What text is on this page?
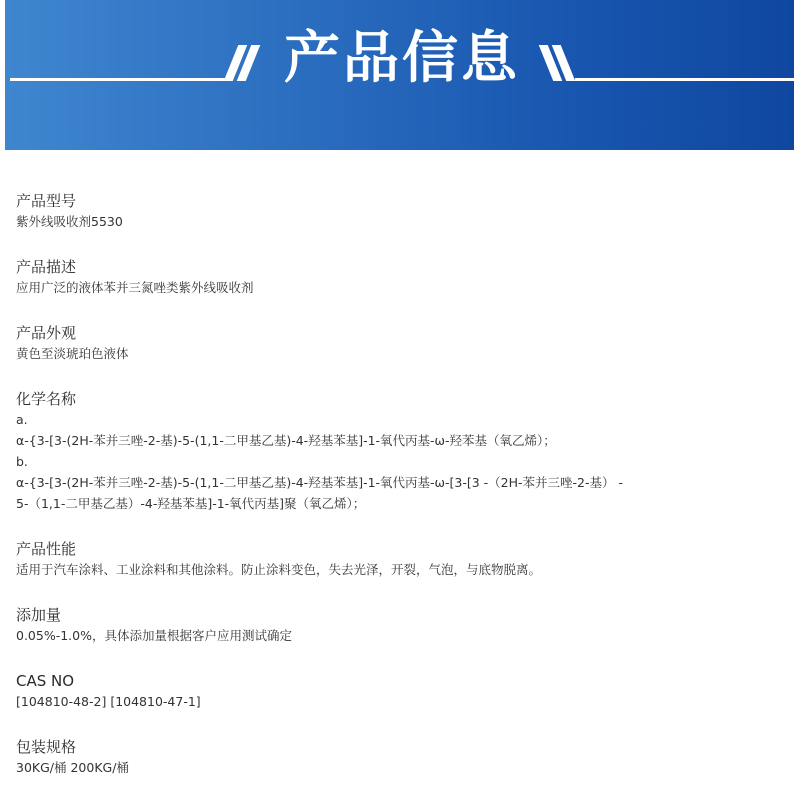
产品信息
产品型号
紫外线吸收剂5530
产品描述
应用广泛的液体苯并三氮唑类紫外线吸收剂
产品外观
黄色至淡琥珀色液体
化学名称
a.
α-{3-[3-(2H-苯并三唑-2-基)-5-(1,1-二甲基乙基)-4-羟基苯基]-1-氧代丙基-ω-羟苯基（氧乙烯）；
b.
α-{3-[3-(2H-苯并三唑-2-基)-5-(1,1-二甲基乙基)-4-羟基苯基]-1-氧代丙基-ω-[3-[3 -（2H-苯并三唑-2-基） -
5-（1,1-二甲基乙基）-4-羟基苯基]-1-氧代丙基]聚（氧乙烯）；
产品性能
适用于汽车涂料、工业涂料和其他涂料。防止涂料变色，失去光泽，开裂，气泡，与底物脱离。
添加量
0.05%-1.0%，具体添加量根据客户应用测试确定
CAS NO
[104810-48-2] [104810-47-1]
包装规格
30KG/桶 200KG/桶
